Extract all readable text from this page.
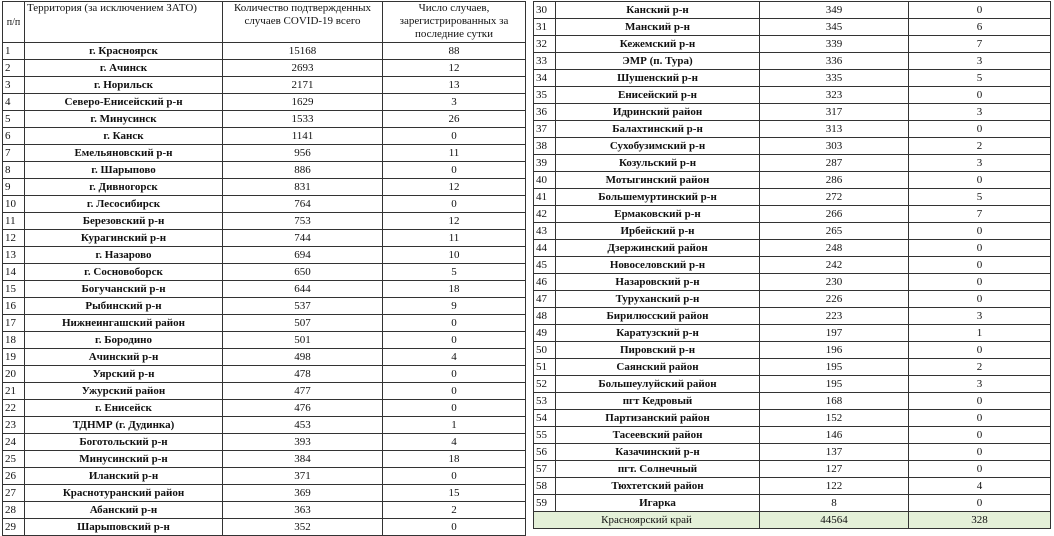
п/п	Территория (за исключением ЗАТО)	Количество подтвержденных случаев COVID-19 всего	Число случаев, зарегистрированных за последние сутки
1	г. Красноярск	15168	88
2	г. Ачинск	2693	12
3	г. Норильск	2171	13
4	Северо-Енисейский р-н	1629	3
5	г. Минусинск	1533	26
6	г. Канск	1141	0
7	Емельяновский р-н	956	11
8	г. Шарыпово	886	0
9	г. Дивногорск	831	12
10	г. Лесосибирск	764	0
11	Березовский р-н	753	12
12	Курагинский р-н	744	11
13	г. Назарово	694	10
14	г. Сосновоборск	650	5
15	Богучанский р-н	644	18
16	Рыбинский р-н	537	9
17	Нижнеингашский район	507	0
18	г. Бородино	501	0
19	Ачинский р-н	498	4
20	Уярский р-н	478	0
21	Ужурский район	477	0
22	г. Енисейск	476	0
23	ТДНМР (г. Дудинка)	453	1
24	Боготольский р-н	393	4
25	Минусинский р-н	384	18
26	Иланский р-н	371	0
27	Краснотуранский район	369	15
28	Абанский р-н	363	2
29	Шарыповский р-н	352	0
30	Канский р-н	349	0
31	Манский р-н	345	6
32	Кежемский р-н	339	7
33	ЭМР (п. Тура)	336	3
34	Шушенский р-н	335	5
35	Енисейский р-н	323	0
36	Идринский район	317	3
37	Балахтинский р-н	313	0
38	Сухобузимский р-н	303	2
39	Козульский р-н	287	3
40	Мотыгинский район	286	0
41	Большемуртинский р-н	272	5
42	Ермаковский р-н	266	7
43	Ирбейский р-н	265	0
44	Дзержинский район	248	0
45	Новоселовский р-н	242	0
46	Назаровский р-н	230	0
47	Туруханский р-н	226	0
48	Бирилюсский район	223	3
49	Каратузский р-н	197	1
50	Пировский р-н	196	0
51	Саянский район	195	2
52	Большеулуйский район	195	3
53	пгт Кедровый	168	0
54	Партизанский район	152	0
55	Тасеевский район	146	0
56	Казачинский р-н	137	0
57	пгт. Солнечный	127	0
58	Тюхтетский район	122	4
59	Игарка	8	0
Красноярский край		44564	328
